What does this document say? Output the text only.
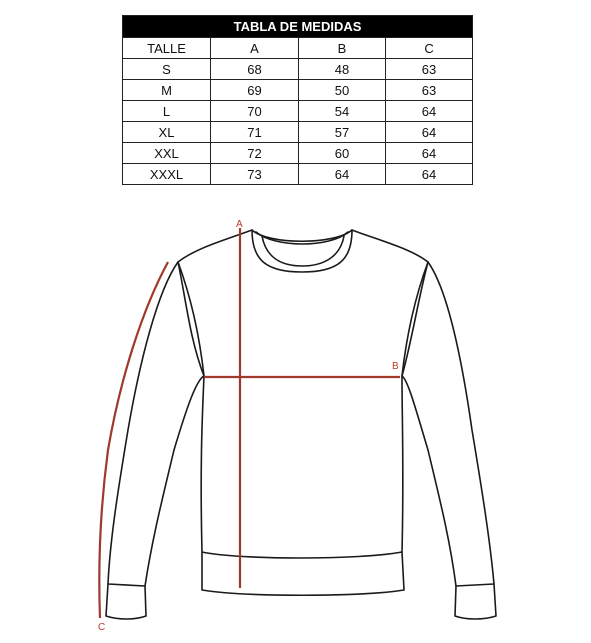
TABLA DE MEDIDAS			
TALLE	A	B	C
S	68	48	63
M	69	50	63
L	70	54	64
XL	71	57	64
XXL	72	60	64
XXXL	73	64	64
A
B
C
